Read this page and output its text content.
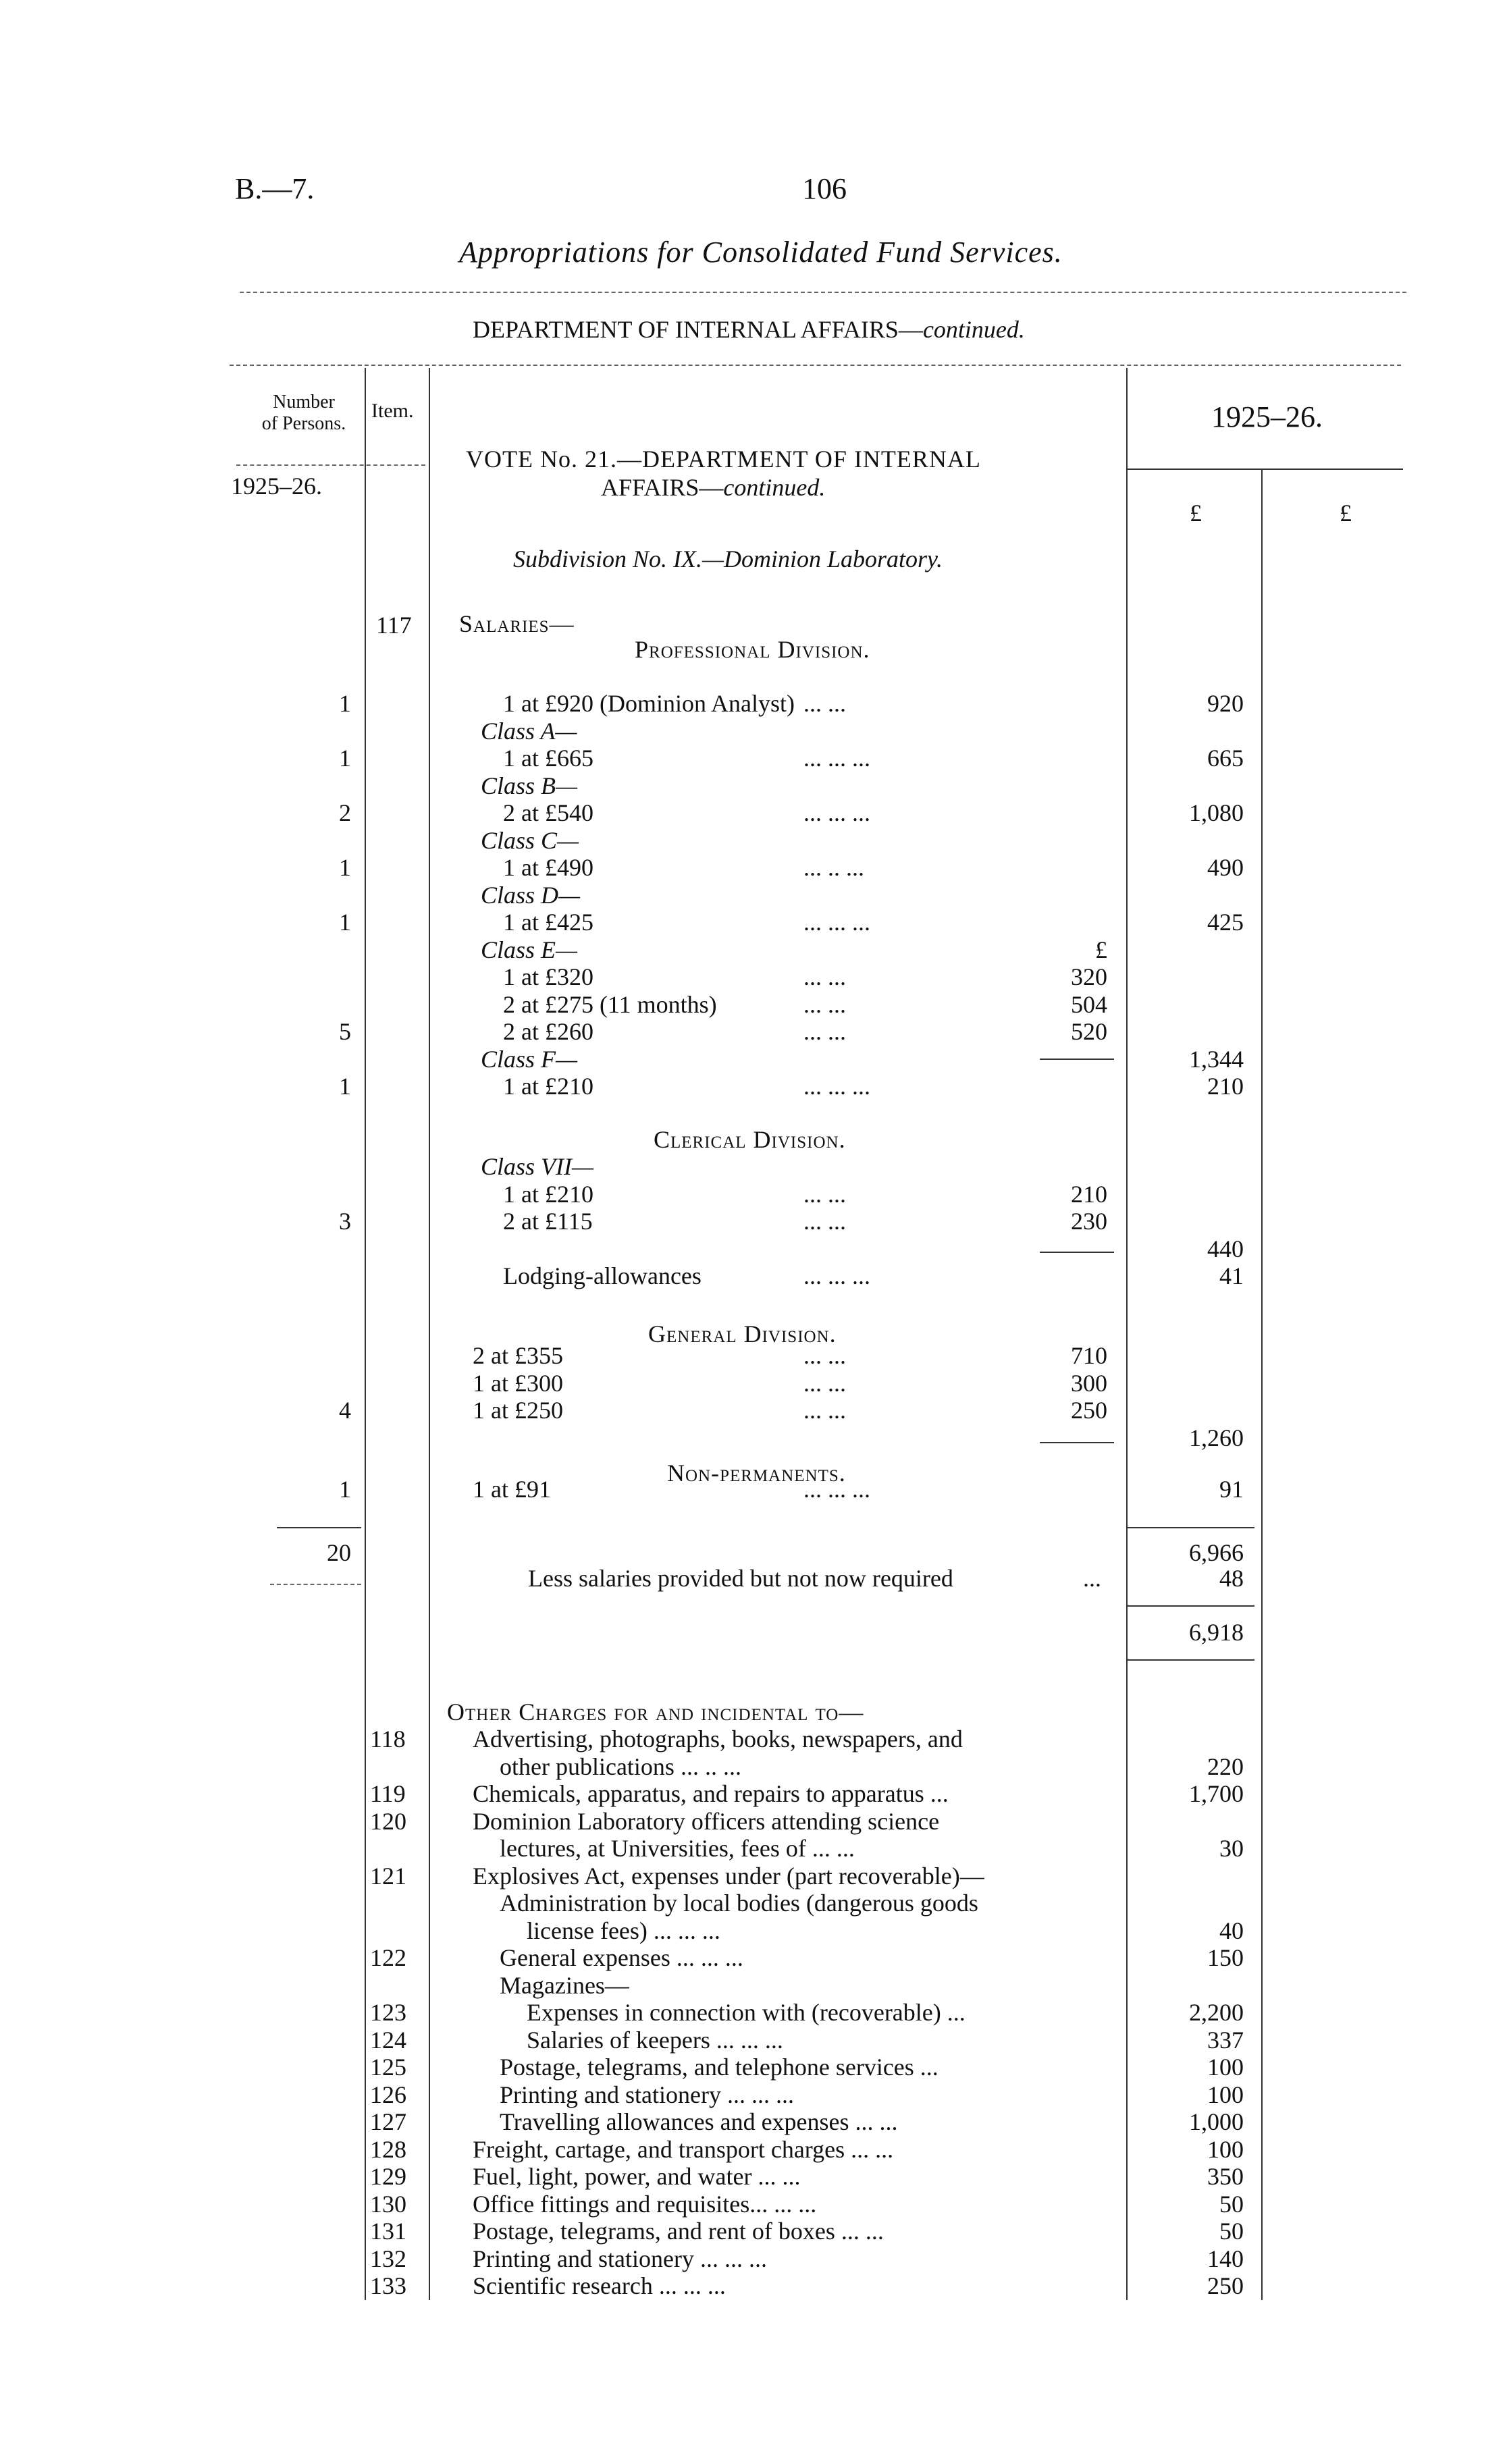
B.—7.	106
Appropriations for Consolidated Fund Services.
DEPARTMENT OF INTERNAL AFFAIRS—continued.
Number
of Persons.
Item.	1925–26.
1925–26.
£	£
VOTE No. 21.—DEPARTMENT OF INTERNAL
AFFAIRS—continued.
Subdivision No. IX.—Dominion Laboratory.
117 Salaries—
Professional Division.
1	1 at £920 (Dominion Analyst) ... ...	920
Class A—
1	1 at £665	... ... ...	665
Class B—
2	2 at £540	... ... ...	1,080
Class C—
1	1 at £490	... .. ...	490
Class D—
1	1 at £425	... ... ...	425
Class E—	£
1 at £320	... ...	320
2 at £275 (11 months)	... ...	504
5	2 at £260	... ...	520
Class F—	1,344
1	1 at £210	... ... ...	210
Clerical Division.
Class VII—
1 at £210	... ...	210
3	2 at £115	... ...	230
440
Lodging-allowances	... ... ...	41
General Division.
2 at £355	... ...	710
1 at £300	... ...	300
4	1 at £250	... ...	250
1,260
Non-permanents.
1	1 at £91	... ... ...	91
20	6,966
Less salaries provided but not now required	...	48
6,918
Other Charges for and incidental to—
118	Advertising, photographs, books, newspapers, and
other publications ... .. ...	220
119	Chemicals, apparatus, and repairs to apparatus ...	1,700
120	Dominion Laboratory officers attending science
lectures, at Universities, fees of ... ...	30
121	Explosives Act, expenses under (part recoverable)—
Administration by local bodies (dangerous goods
license fees) ... ... ...	40
122	General expenses ... ... ...	150
Magazines—
123	Expenses in connection with (recoverable) ...	2,200
124	Salaries of keepers ... ... ...	337
125	Postage, telegrams, and telephone services ...	100
126	Printing and stationery ... ... ...	100
127	Travelling allowances and expenses ... ...	1,000
128	Freight, cartage, and transport charges ... ...	100
129	Fuel, light, power, and water ... ...	350
130	Office fittings and requisites... ... ...	50
131	Postage, telegrams, and rent of boxes ... ...	50
132	Printing and stationery ... ... ...	140
133	Scientific research ... ... ...	250
